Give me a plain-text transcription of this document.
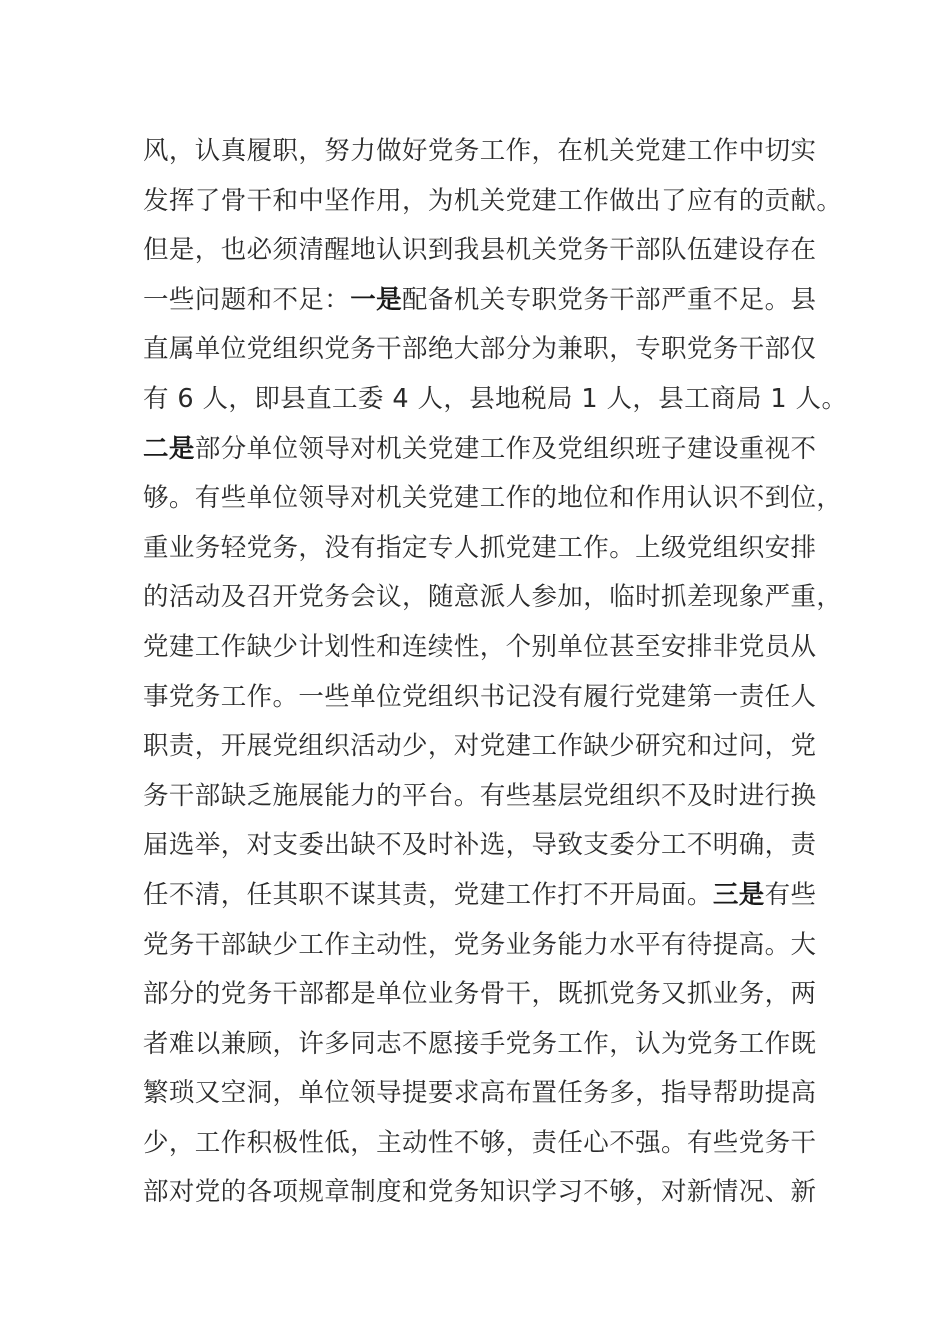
风，认真履职，努力做好党务工作，在机关党建工作中切实
发挥了骨干和中坚作用，为机关党建工作做出了应有的贡献。
但是，也必须清醒地认识到我县机关党务干部队伍建设存在
一些问题和不足：一是配备机关专职党务干部严重不足。县
直属单位党组织党务干部绝大部分为兼职，专职党务干部仅
有 6 人，即县直工委 4 人，县地税局 1 人，县工商局 1 人。
二是部分单位领导对机关党建工作及党组织班子建设重视不
够。有些单位领导对机关党建工作的地位和作用认识不到位，
重业务轻党务，没有指定专人抓党建工作。上级党组织安排
的活动及召开党务会议，随意派人参加，临时抓差现象严重，
党建工作缺少计划性和连续性，个别单位甚至安排非党员从
事党务工作。一些单位党组织书记没有履行党建第一责任人
职责，开展党组织活动少，对党建工作缺少研究和过问，党
务干部缺乏施展能力的平台。有些基层党组织不及时进行换
届选举，对支委出缺不及时补选，导致支委分工不明确，责
任不清，任其职不谋其责，党建工作打不开局面。三是有些
党务干部缺少工作主动性，党务业务能力水平有待提高。大
部分的党务干部都是单位业务骨干，既抓党务又抓业务，两
者难以兼顾，许多同志不愿接手党务工作，认为党务工作既
繁琐又空洞，单位领导提要求高布置任务多，指导帮助提高
少，工作积极性低，主动性不够，责任心不强。有些党务干
部对党的各项规章制度和党务知识学习不够，对新情况、新
